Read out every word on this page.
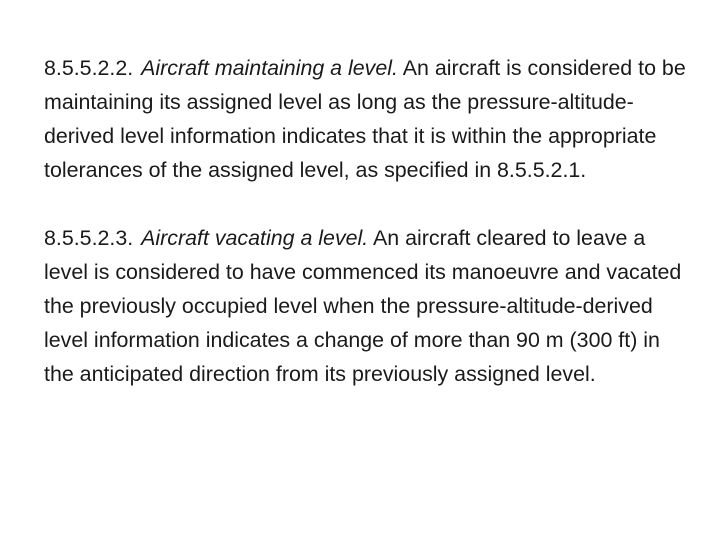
8.5.5.2.2. Aircraft maintaining a level. An aircraft is considered to be maintaining its assigned level as long as the pressure-altitude-derived level information indicates that it is within the appropriate tolerances of the assigned level, as specified in 8.5.5.2.1.

8.5.5.2.3. Aircraft vacating a level. An aircraft cleared to leave a level is considered to have commenced its manoeuvre and vacated the previously occupied level when the pressure-altitude-derived level information indicates a change of more than 90 m (300 ft) in the anticipated direction from its previously assigned level.
